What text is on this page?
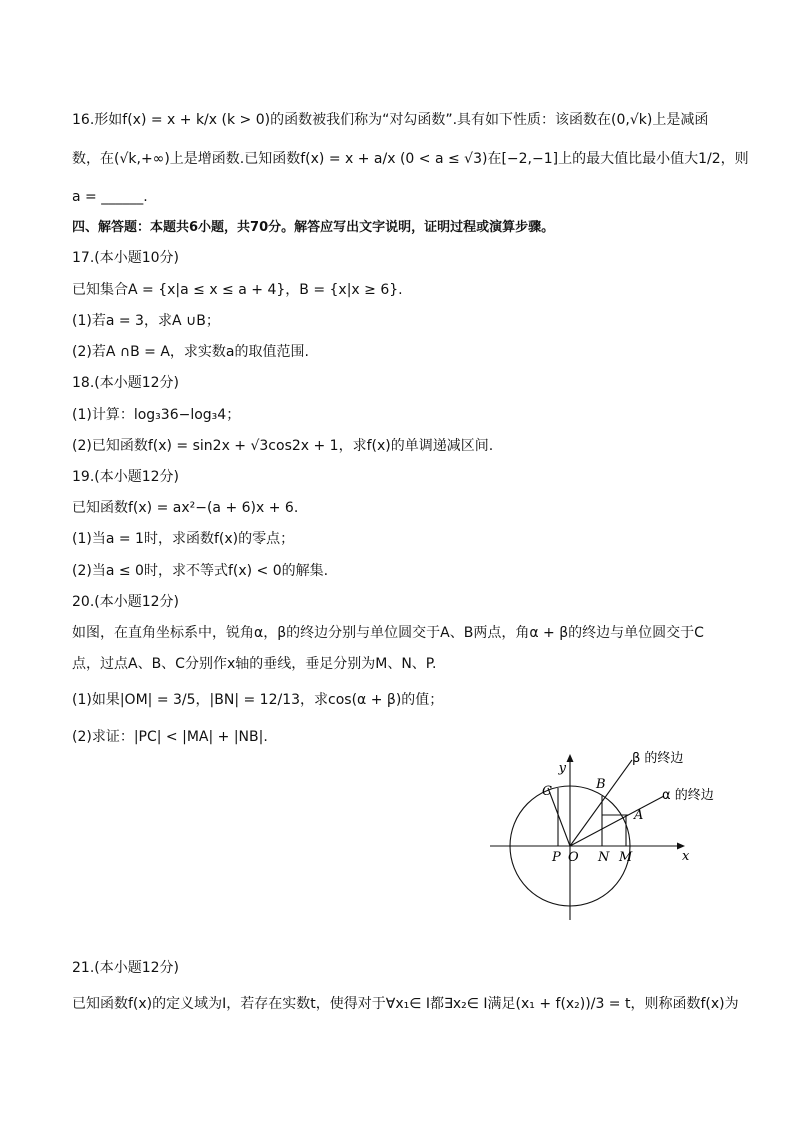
16.形如f(x) = x + k/x (k > 0)的函数被我们称为“对勾函数”.具有如下性质：该函数在(0,√k)上是减函
数，在(√k,+∞)上是增函数.已知函数f(x) = x + a/x (0 < a ≤ √3)在[−2,−1]上的最大值比最小值大1/2，则
a = ______.
四、解答题：本题共6小题，共70分。解答应写出文字说明，证明过程或演算步骤。
17.(本小题10分)
已知集合A = {x|a ≤ x ≤ a + 4}，B = {x|x ≥ 6}.
(1)若a = 3，求A ∪B；
(2)若A ∩B = A，求实数a的取值范围.
18.(本小题12分)
(1)计算：log₃36−log₃4；
(2)已知函数f(x) = sin2x + √3cos2x + 1，求f(x)的单调递减区间.
19.(本小题12分)
已知函数f(x) = ax²−(a + 6)x + 6.
(1)当a = 1时，求函数f(x)的零点；
(2)当a ≤ 0时，求不等式f(x) < 0的解集.
20.(本小题12分)
如图，在直角坐标系中，锐角α，β的终边分别与单位圆交于A、B两点，角α + β的终边与单位圆交于C
点，过点A、B、C分别作x轴的垂线，垂足分别为M、N、P.
(1)如果|OM| = 3/5，|BN| = 12/13，求cos(α + β)的值；
(2)求证：|PC| < |MA| + |NB|.
y
x
β 的终边
α 的终边
A
B
C
P O N M
21.(本小题12分)
已知函数f(x)的定义域为I，若存在实数t，使得对于∀x₁∈ I都∃x₂∈ I满足(x₁ + f(x₂))/3 = t，则称函数f(x)为
